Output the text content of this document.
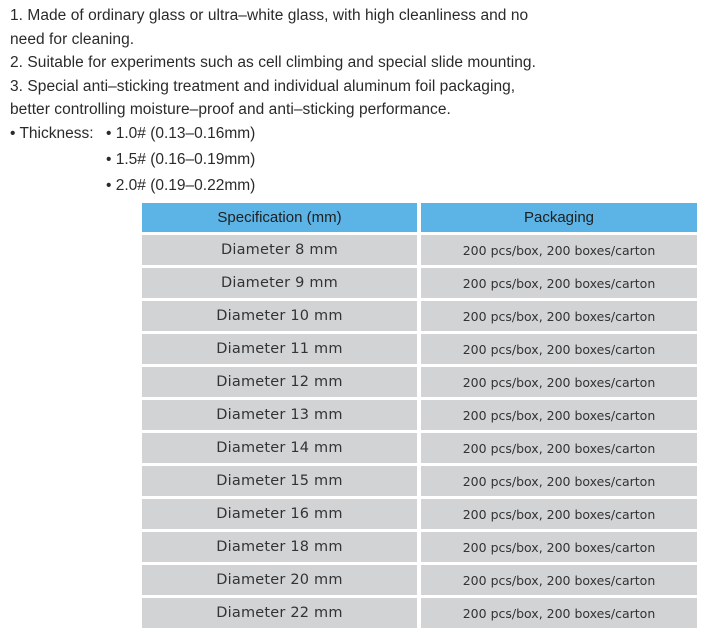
1. Made of ordinary glass or ultra–white glass, with high cleanliness and no

need for cleaning.

2. Suitable for experiments such as cell climbing and special slide mounting.

3. Special anti–sticking treatment and individual aluminum foil packaging,

better controlling moisture–proof and anti–sticking performance.

• Thickness: • 1.0# (0.13–0.16mm)
• 1.5# (0.16–0.19mm)
• 2.0# (0.19–0.22mm)
Specification (mm)	Packaging
Diameter 8 mm	200 pcs/box, 200 boxes/carton
Diameter 9 mm	200 pcs/box, 200 boxes/carton
Diameter 10 mm	200 pcs/box, 200 boxes/carton
Diameter 11 mm	200 pcs/box, 200 boxes/carton
Diameter 12 mm	200 pcs/box, 200 boxes/carton
Diameter 13 mm	200 pcs/box, 200 boxes/carton
Diameter 14 mm	200 pcs/box, 200 boxes/carton
Diameter 15 mm	200 pcs/box, 200 boxes/carton
Diameter 16 mm	200 pcs/box, 200 boxes/carton
Diameter 18 mm	200 pcs/box, 200 boxes/carton
Diameter 20 mm	200 pcs/box, 200 boxes/carton
Diameter 22 mm	200 pcs/box, 200 boxes/carton
